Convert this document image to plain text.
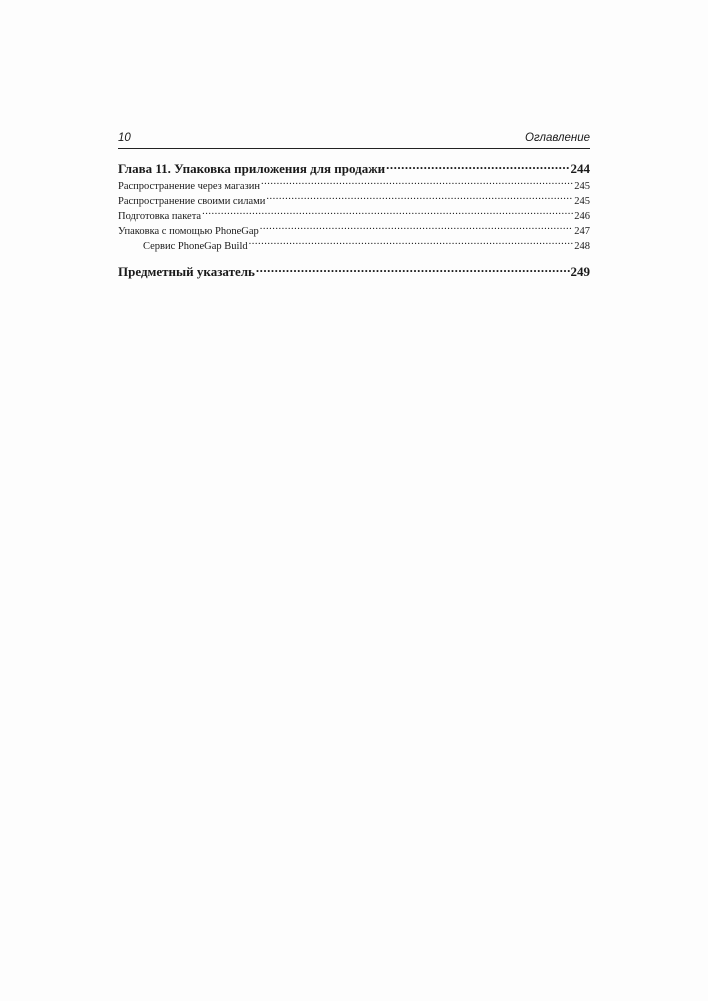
10	Оглавление
Глава 11. Упаковка приложения для продажи .....	244
Распространение через магазин .....	245
Распространение своими силами .....	245
Подготовка пакета .....	246
Упаковка с помощью PhoneGap .....	247
Сервис PhoneGap Build .....	248
Предметный указатель .....	249
